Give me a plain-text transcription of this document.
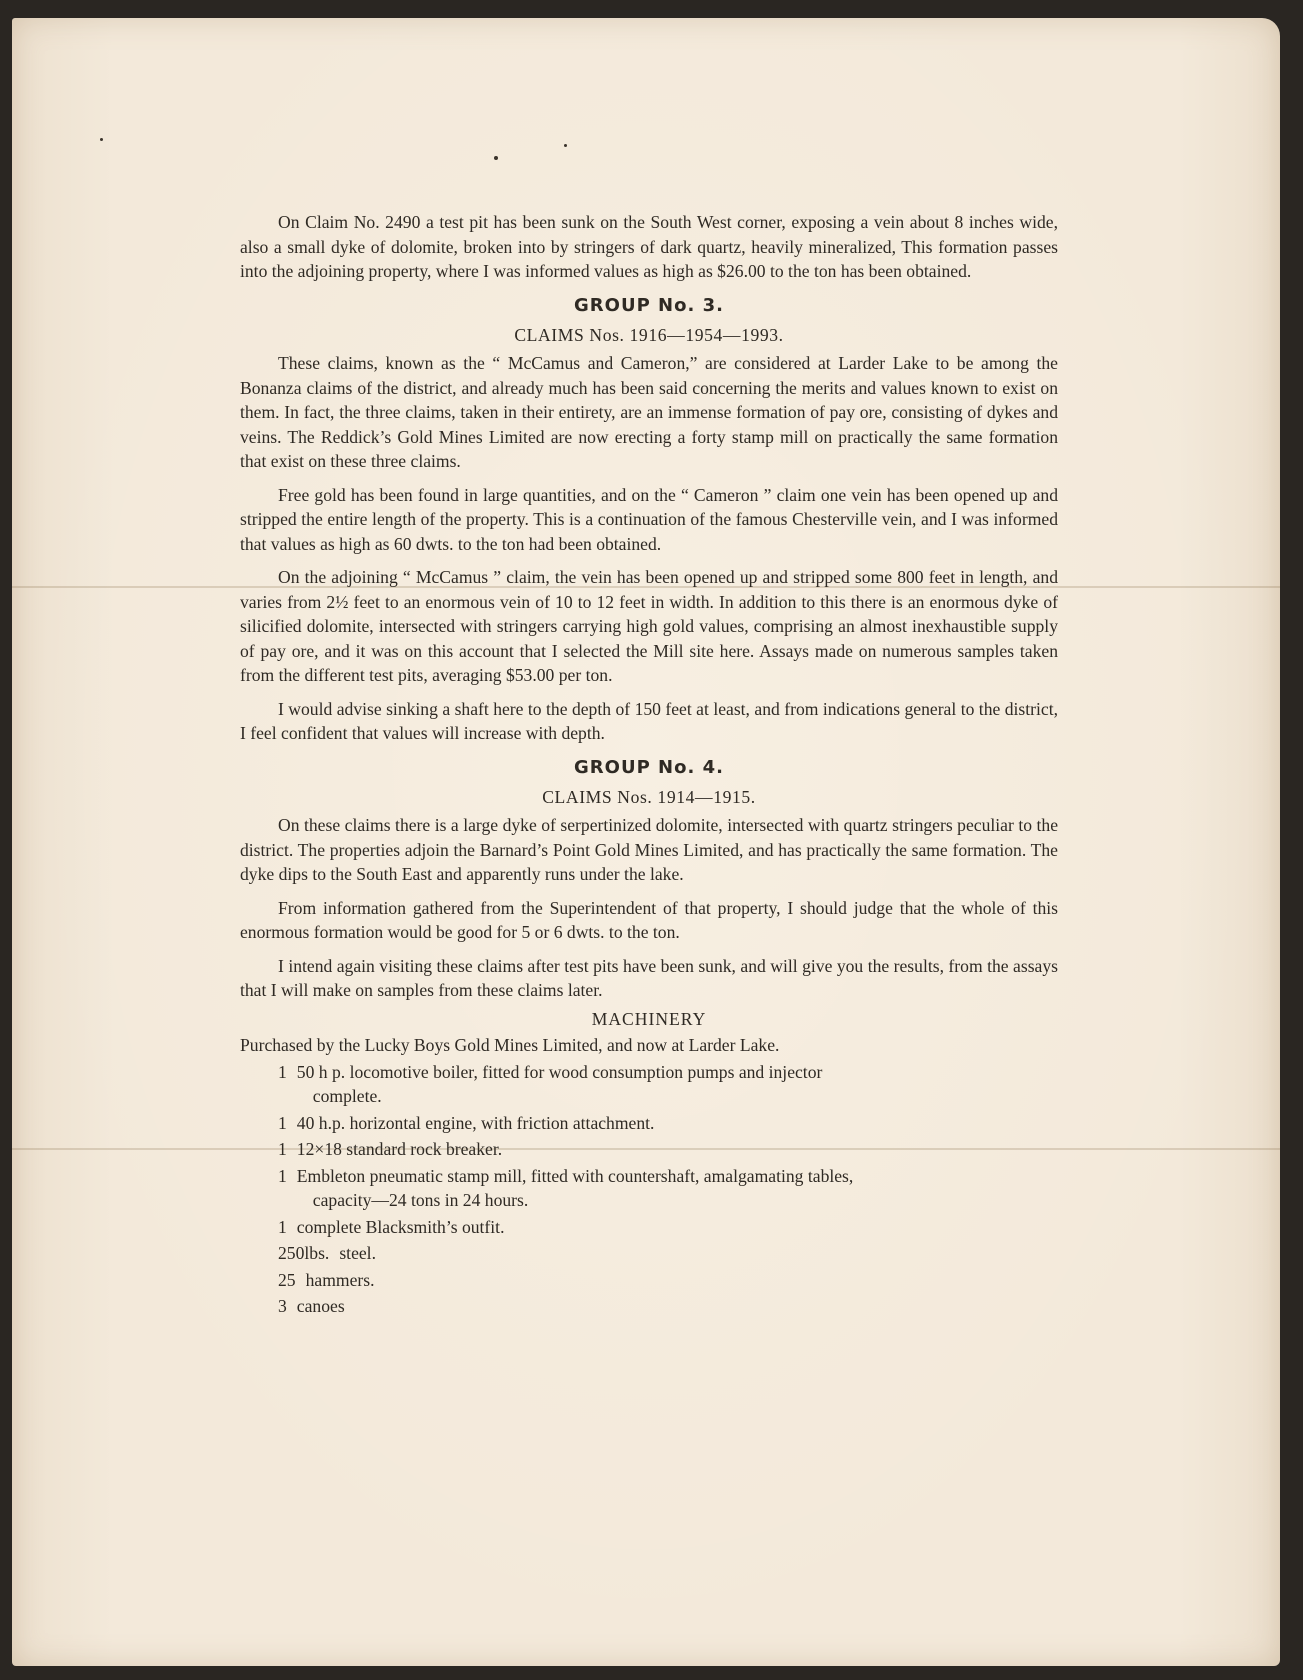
On Claim No. 2490 a test pit has been sunk on the South West corner, exposing a vein about 8 inches wide, also a small dyke of dolomite, broken into by stringers of dark quartz, heavily mineralized, This formation passes into the adjoining property, where I was informed values as high as $26.00 to the ton has been obtained.

GROUP No. 3.
CLAIMS Nos. 1916—1954—1993.

These claims, known as the “ McCamus and Cameron,” are considered at Larder Lake to be among the Bonanza claims of the district, and already much has been said concerning the merits and values known to exist on them. In fact, the three claims, taken in their entirety, are an immense formation of pay ore, consisting of dykes and veins. The Reddick’s Gold Mines Limited are now erecting a forty stamp mill on practically the same formation that exist on these three claims.

Free gold has been found in large quantities, and on the “ Cameron ” claim one vein has been opened up and stripped the entire length of the property. This is a continuation of the famous Chesterville vein, and I was informed that values as high as 60 dwts. to the ton had been obtained.

On the adjoining “ McCamus ” claim, the vein has been opened up and stripped some 800 feet in length, and varies from 2½ feet to an enormous vein of 10 to 12 feet in width. In addition to this there is an enormous dyke of silicified dolomite, intersected with stringers carrying high gold values, comprising an almost inexhaustible supply of pay ore, and it was on this account that I selected the Mill site here. Assays made on numerous samples taken from the different test pits, averaging $53.00 per ton.

I would advise sinking a shaft here to the depth of 150 feet at least, and from indications general to the district, I feel confident that values will increase with depth.

GROUP No. 4.
CLAIMS Nos. 1914—1915.

On these claims there is a large dyke of serpertinized dolomite, intersected with quartz stringers peculiar to the district. The properties adjoin the Barnard’s Point Gold Mines Limited, and has practically the same formation. The dyke dips to the South East and apparently runs under the lake.

From information gathered from the Superintendent of that property, I should judge that the whole of this enormous formation would be good for 5 or 6 dwts. to the ton.

I intend again visiting these claims after test pits have been sunk, and will give you the results, from the assays that I will make on samples from these claims later.

MACHINERY
Purchased by the Lucky Boys Gold Mines Limited, and now at Larder Lake.
1 50 h p. locomotive boiler, fitted for wood consumption pumps and injector
complete.
1 40 h.p. horizontal engine, with friction attachment.
1 12×18 standard rock breaker.
1 Embleton pneumatic stamp mill, fitted with countershaft, amalgamating tables,
capacity—24 tons in 24 hours.
1 complete Blacksmith’s outfit.
250lbs. steel.
25 hammers.
3 canoes
